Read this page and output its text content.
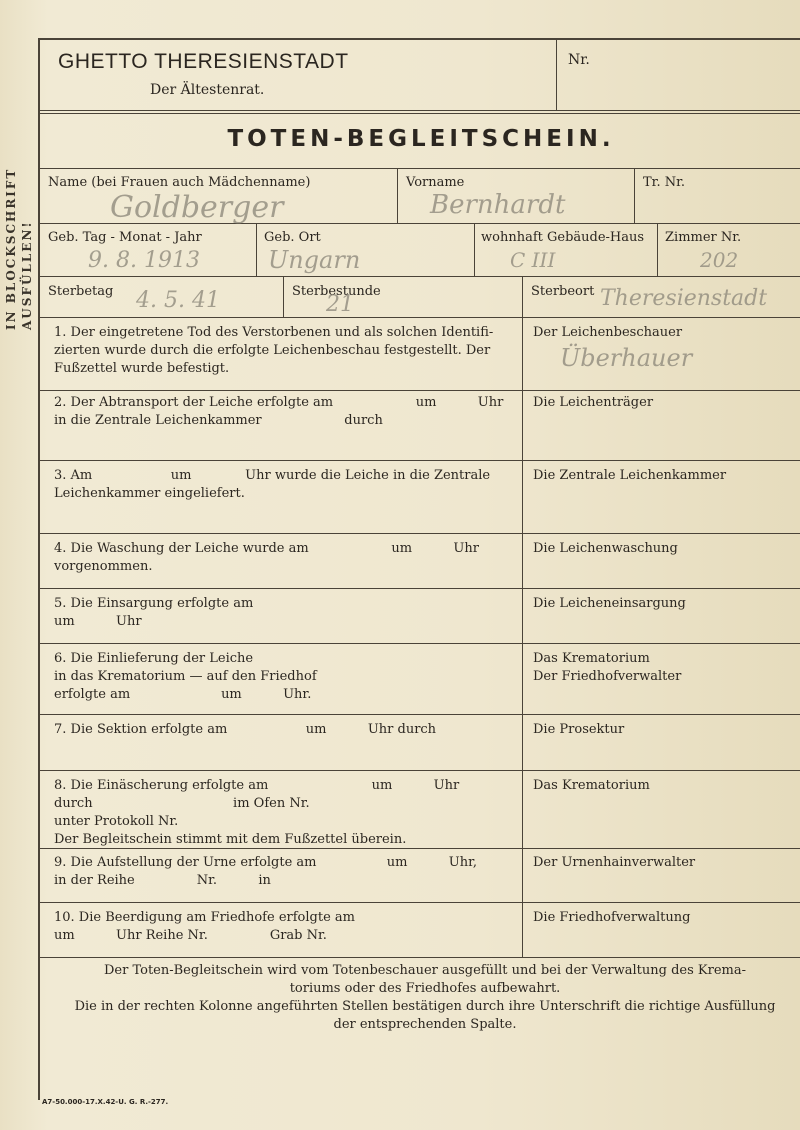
IN BLOCKSCHRIFT AUSFÜLLEN!
GHETTO THERESIENSTADT
Der Ältestenrat.
Nr.
TOTEN-BEGLEITSCHEIN.
Name (bei Frauen auch Mädchenname)
Goldberger
Vorname
Bernhardt
Tr. Nr.
Geb. Tag - Monat - Jahr
9. 8. 1913
Geb. Ort
Ungarn
wohnhaft Gebäude-Haus
C III
Zimmer Nr.
202
Sterbetag 4. 5. 41	Sterbestunde
21
Sterbeort Theresienstadt
1. Der eingetretene Tod des Verstorbenen und als solchen Identifi-
zierten wurde durch die erfolgte Leichenbeschau festgestellt. Der
Fußzettel wurde befestigt.
Der Leichenbeschauer
Überhauer
2. Der Abtransport der Leiche erfolgte am                    um          Uhr
in die Zentrale Leichenkammer                    durch
Die Leichenträger
3. Am                   um             Uhr wurde die Leiche in die Zentrale
Leichenkammer eingeliefert.
Die Zentrale Leichenkammer
4. Die Waschung der Leiche wurde am                    um          Uhr
vorgenommen.
Die Leichenwaschung
5. Die Einsargung erfolgte am
um          Uhr
Die Leicheneinsargung
6. Die Einlieferung der Leiche
in das Krematorium — auf den Friedhof
erfolgte am                      um          Uhr.
Das Krematorium
Der Friedhofverwalter
7. Die Sektion erfolgte am                   um          Uhr durch	Die Prosektur
8. Die Einäscherung erfolgte am                         um          Uhr
durch                                  im Ofen Nr.
unter Protokoll Nr.
Der Begleitschein stimmt mit dem Fußzettel überein.
Das Krematorium
9. Die Aufstellung der Urne erfolgte am                 um          Uhr,
in der Reihe               Nr.          in
Der Urnenhainverwalter
10. Die Beerdigung am Friedhofe erfolgte am
um          Uhr Reihe Nr.               Grab Nr.
Die Friedhofverwaltung
Der Toten-Begleitschein wird vom Totenbeschauer ausgefüllt und bei der Verwaltung des Krema-
toriums oder des Friedhofes aufbewahrt.
Die in der rechten Kolonne angeführten Stellen bestätigen durch ihre Unterschrift die richtige Ausfüllung
der entsprechenden Spalte.
A7-50.000-17.X.42-U. G. R.-277.
